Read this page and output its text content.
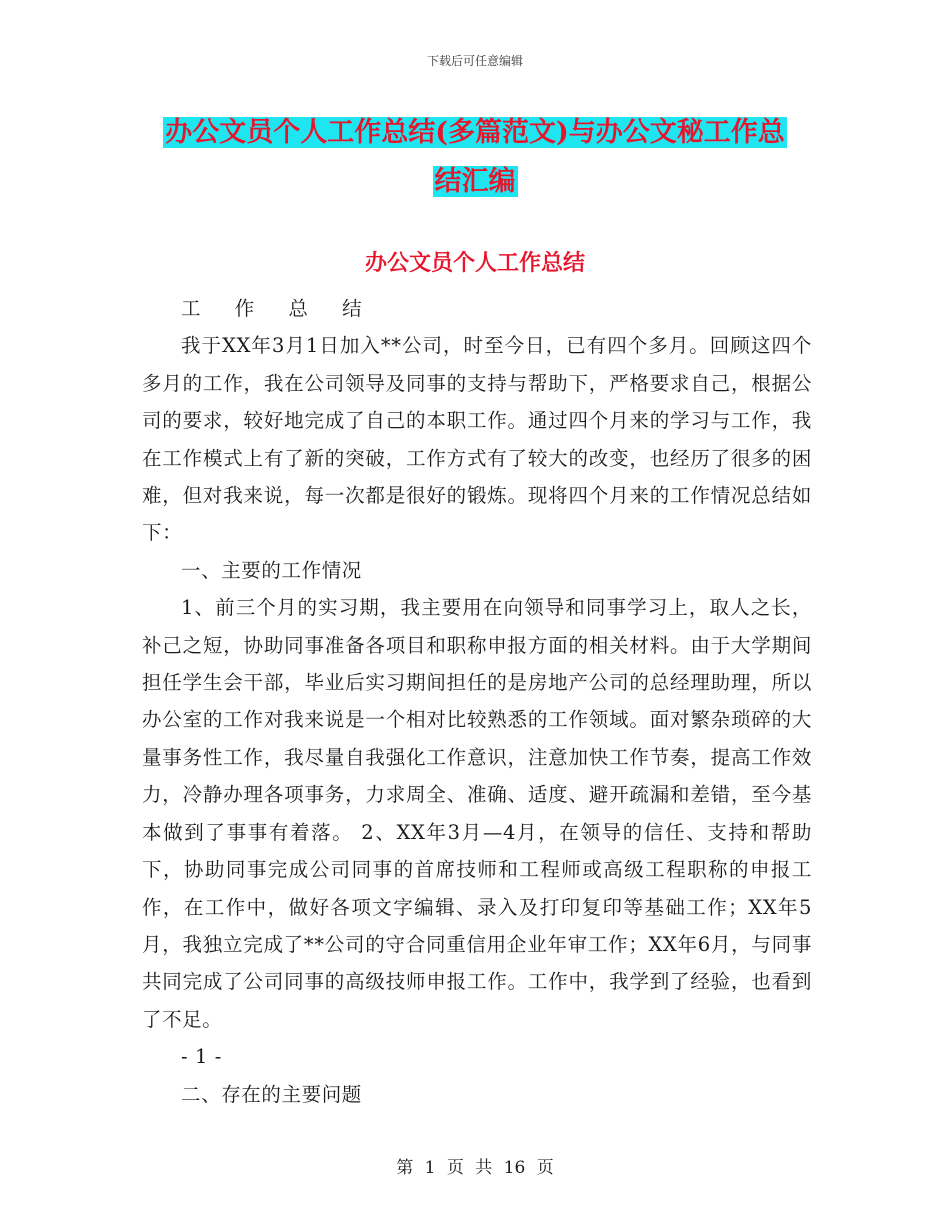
下载后可任意编辑
办公文员个人工作总结(多篇范文)与办公文秘工作总
结汇编
办公文员个人工作总结

工 作 总 结

我于XX年3月1日加入**公司，时至今日，已有四个多月。回顾这四个多月的工作，我在公司领导及同事的支持与帮助下，严格要求自己，根据公司的要求，较好地完成了自己的本职工作。通过四个月来的学习与工作，我在工作模式上有了新的突破，工作方式有了较大的改变，也经历了很多的困难，但对我来说，每一次都是很好的锻炼。现将四个月来的工作情况总结如下：

一、主要的工作情况

1、前三个月的实习期，我主要用在向领导和同事学习上，取人之长，补己之短，协助同事准备各项目和职称申报方面的相关材料。由于大学期间担任学生会干部，毕业后实习期间担任的是房地产公司的总经理助理，所以办公室的工作对我来说是一个相对比较熟悉的工作领域。面对繁杂琐碎的大量事务性工作，我尽量自我强化工作意识，注意加快工作节奏，提高工作效力，冷静办理各项事务，力求周全、准确、适度、避开疏漏和差错，至今基本做到了事事有着落。 2、XX年3月—4月，在领导的信任、支持和帮助下，协助同事完成公司同事的首席技师和工程师或高级工程职称的申报工作，在工作中，做好各项文字编辑、录入及打印复印等基础工作；XX年5月，我独立完成了**公司的守合同重信用企业年审工作；XX年6月，与同事共同完成了公司同事的高级技师申报工作。工作中，我学到了经验，也看到了不足。

- 1 -

二、存在的主要问题

第 1 页 共 16 页
